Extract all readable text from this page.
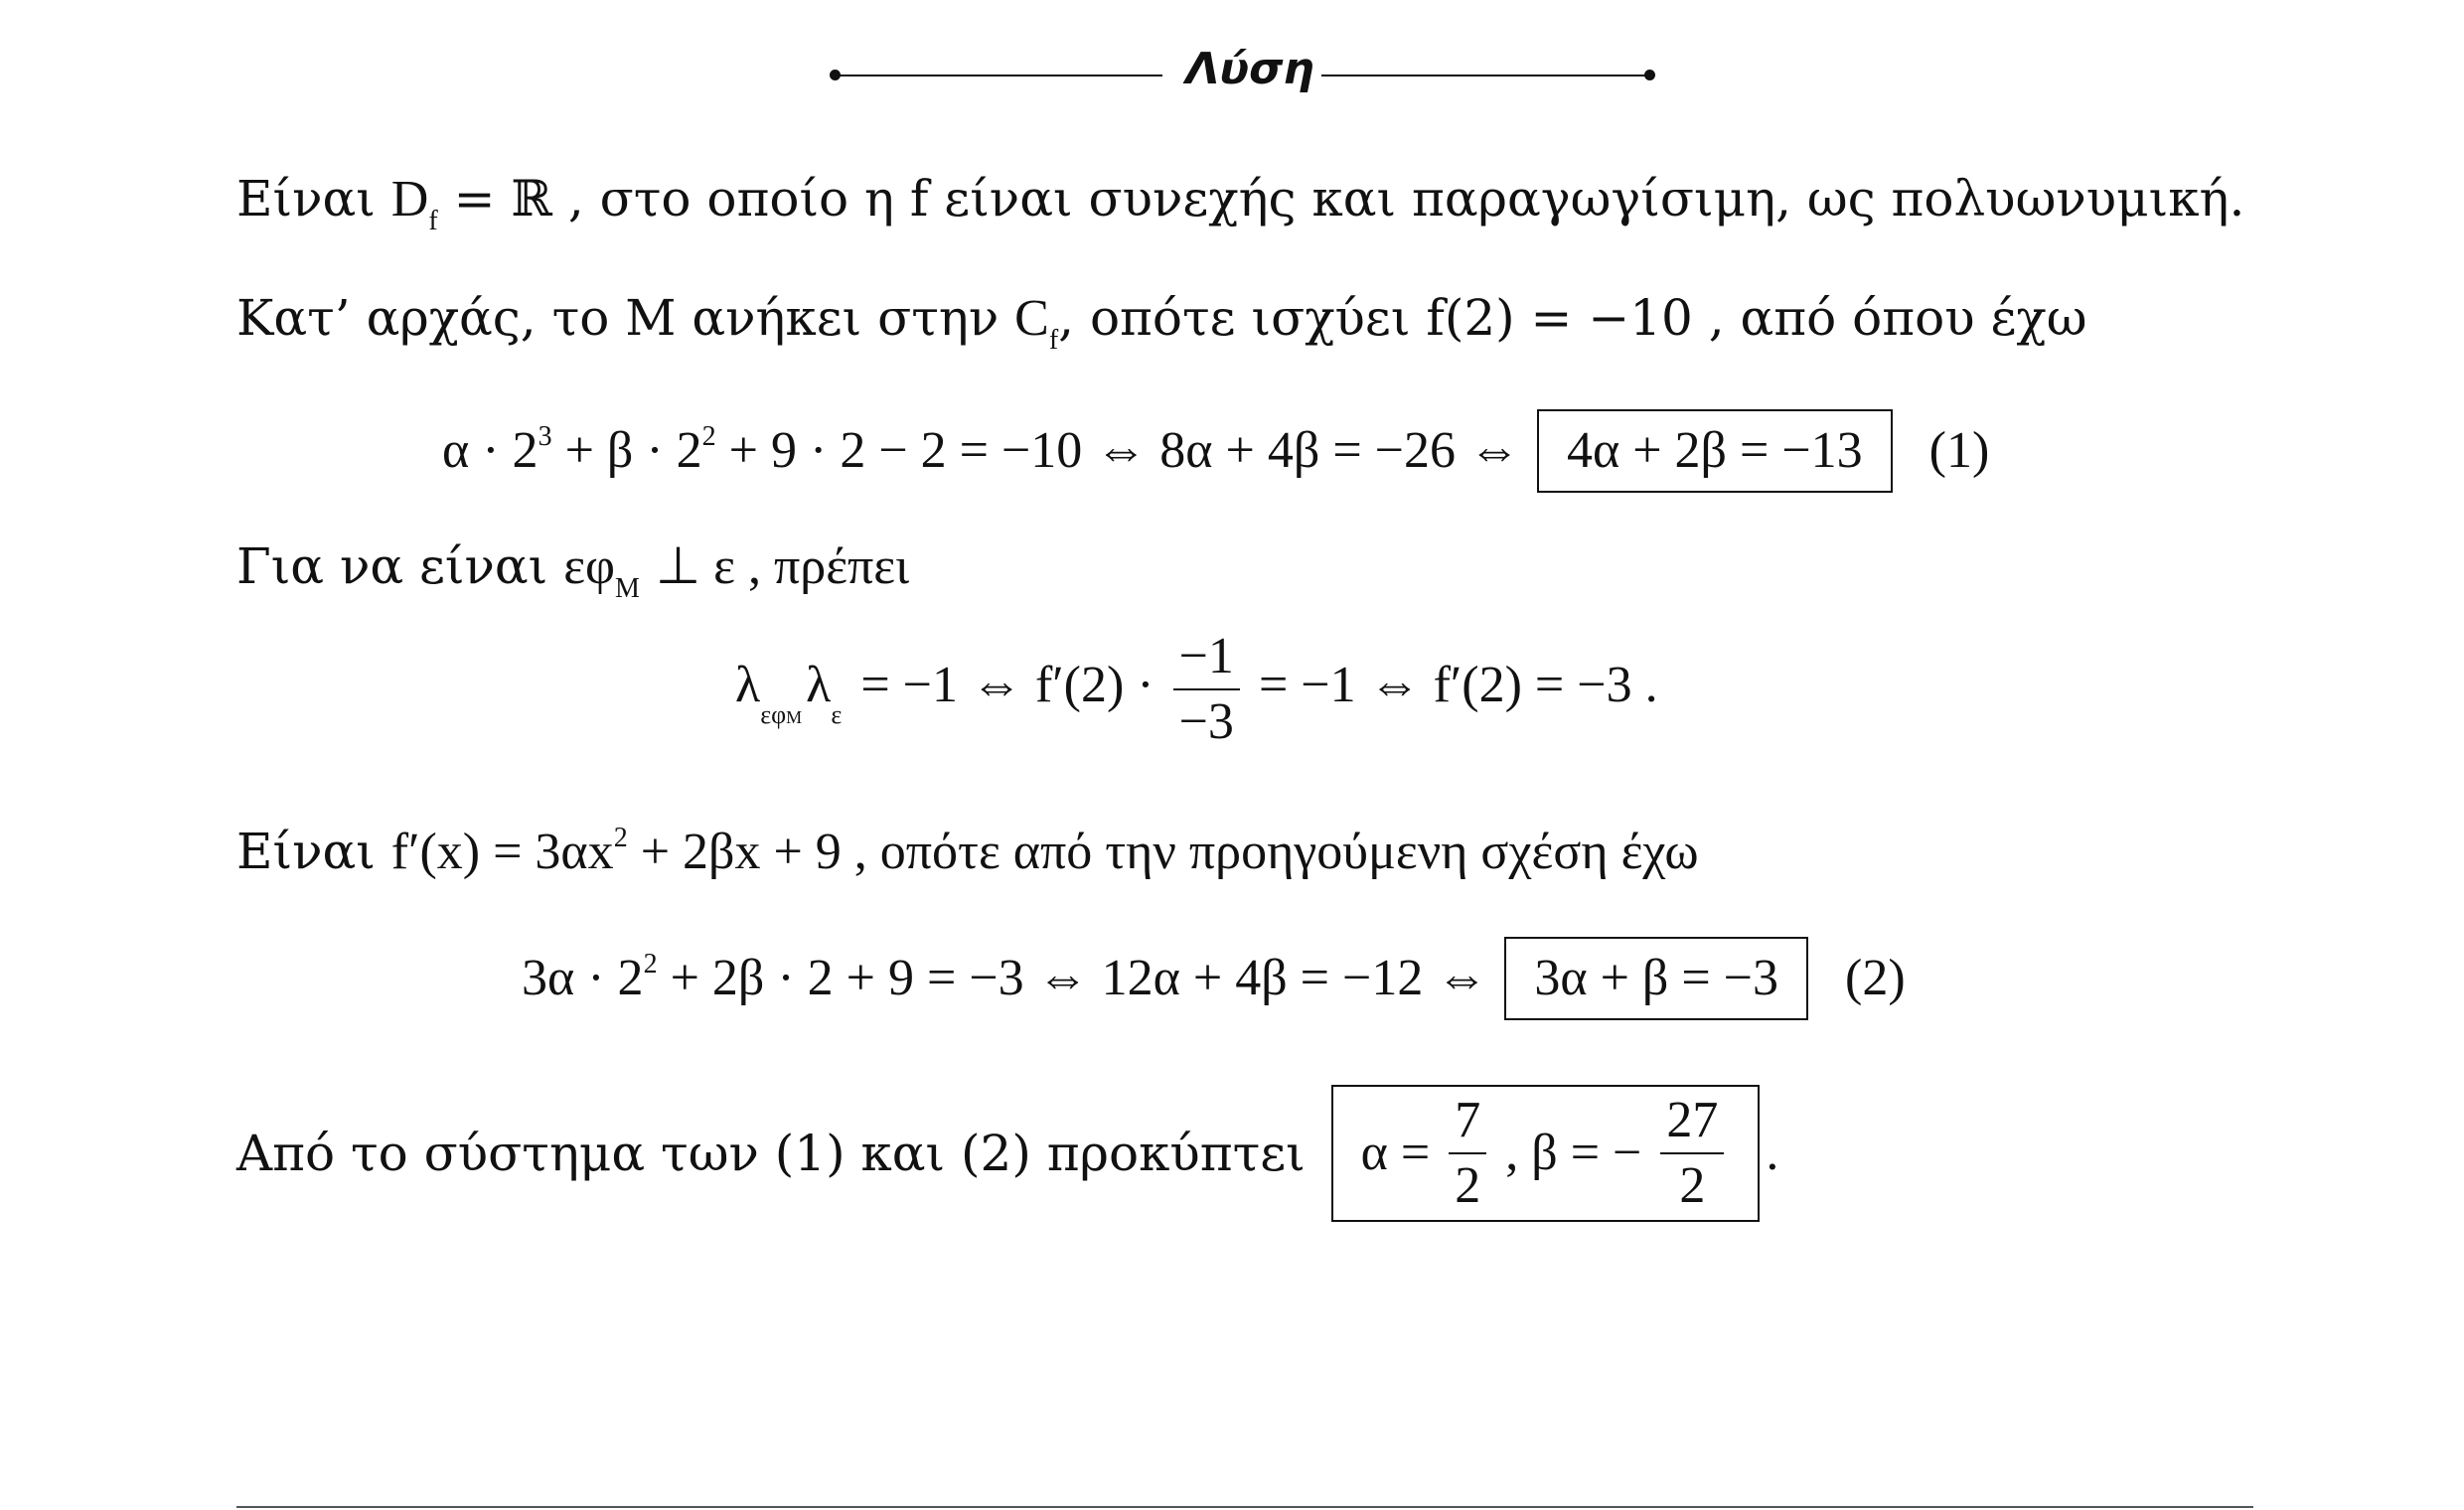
Λύση
Είναι $D_f$ = ℝ , στο οποίο η f είναι συνεχής και παραγωγίσιμη, ως πολυωνυμική.
Κατ’ αρχάς, το M ανήκει στην $C_f$, οπότε ισχύει f(2) = −10 , από όπου έχω
$\alpha \cdot 2^3 + \beta \cdot 2^2 + 9 \cdot 2 - 2 = -10$ ⇔ 8α + 4β = −26 ⇔ 4α + 2β = −13 (1)
Για να είναι $\varepsilon\varphi_M$ ⊥ ε , πρέπει
$\lambda_{\varepsilon\varphi M}\lambda_\varepsilon = -1$ ⇔ $f'(2) \cdot \frac{-1}{-3} = -1$ ⇔ f′(2) = −3 .
Είναι $f'(x) = 3\alpha x^2 + 2\beta x + 9$ , οπότε από την προηγούμενη σχέση έχω
$3\alpha \cdot 2^2 + 2\beta \cdot 2 + 9 = -3$ ⇔ 12α + 4β = −12 ⇔ 3α + β = −3 (2)
Από το σύστημα των (1) και (2) προκύπτει $\alpha = \frac{7}{2}$ , β = − $\frac{27}{2}$ .
